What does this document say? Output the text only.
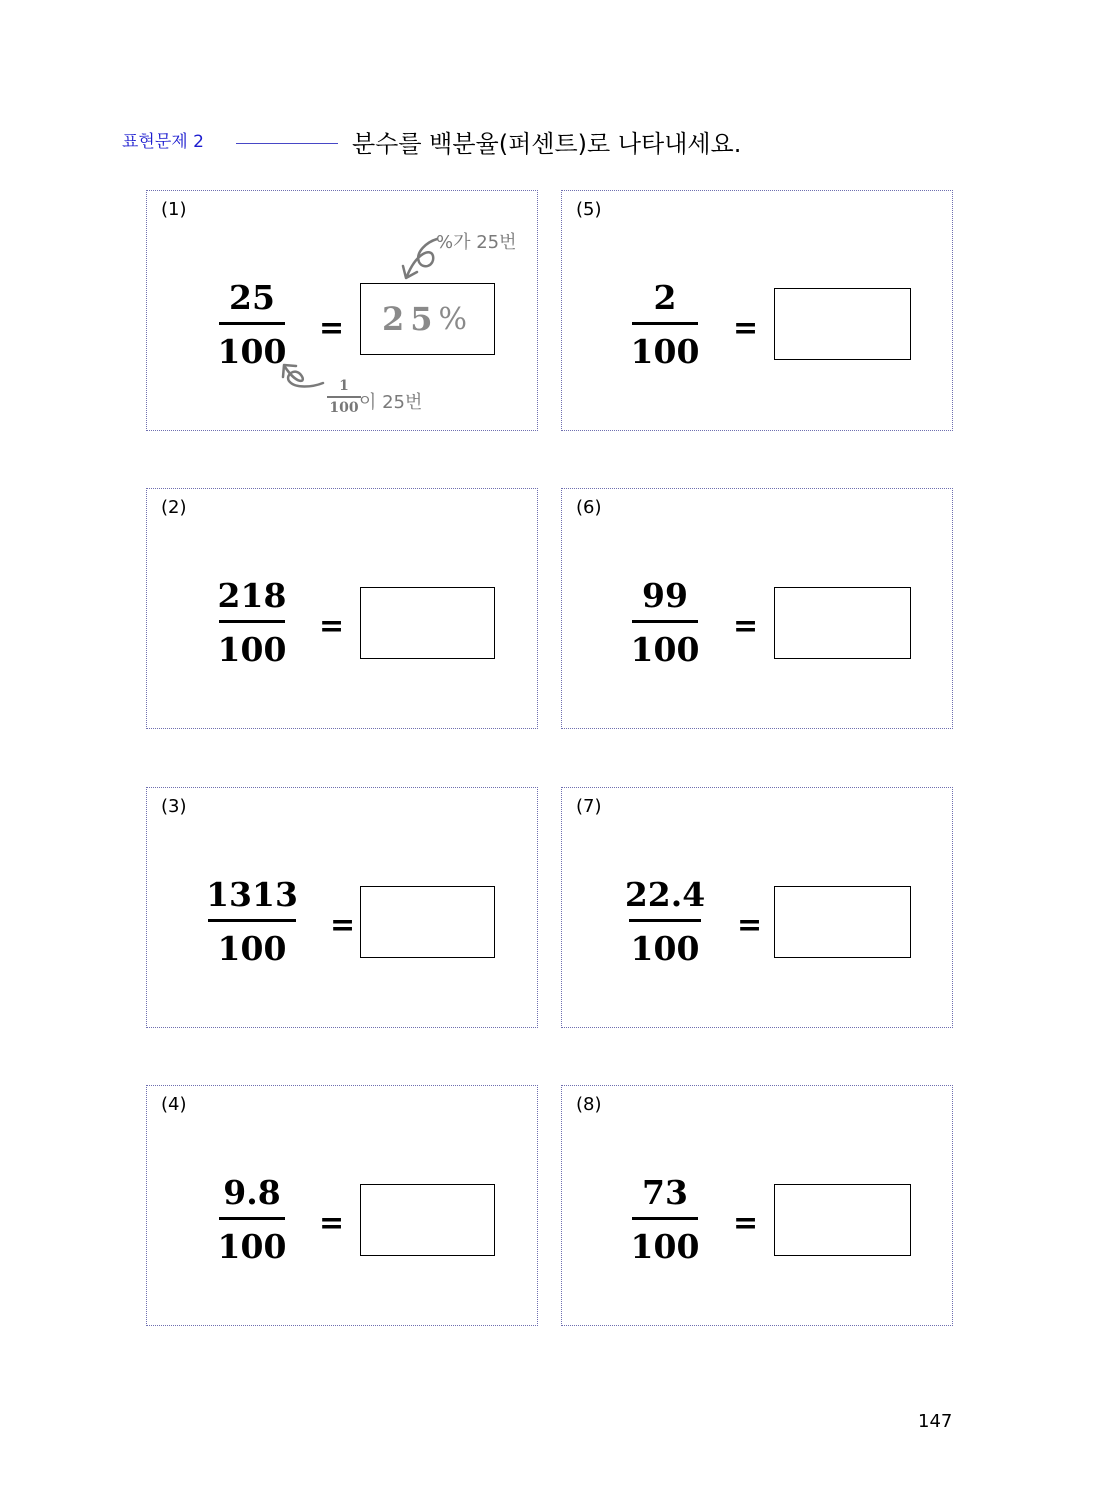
표현문제 2	분수를 백분율(퍼센트)로 나타내세요.
(1)
25
100
= 25 %
%가 25번
1
100 이 25번
(2)
218
100
=
(3)
1313
100
=
(4)
9.8
100
=
(5)
2
100
=
(6)
99
100
=
(7)
22.4
100
=
(8)
73
100
=
147
